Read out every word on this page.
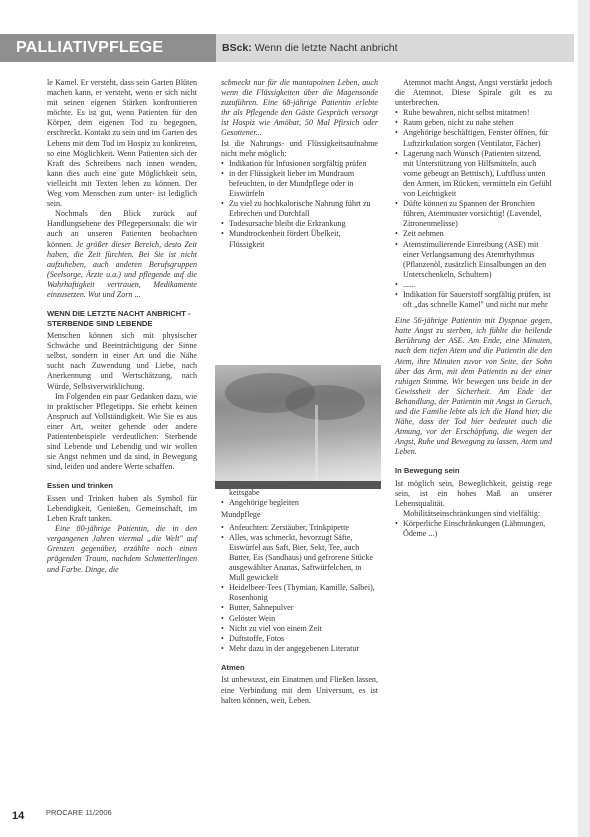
PALLIATIVPFLEGE	BSck: Wenn die letzte Nacht anbricht

le Kamel. Er versteht, dass sein Garten Blüten machen kann, er versteht, wenn er sich nicht mit seinen eigenen Stärken konfrontieren möchte. Es ist gut, wenn Patienten für den Körper, dem eigenen Tod zu begegnen, erschreckt. Kontakt zu sein und im Garten des Lebens mit dem Tod im Hospiz zu konkreten, so eine Möglichkeit. Wenn Patienten sich der Kraft des Schreibens nach innen wenden, kann dies auch eine gute Möglichkeit sein, vielleicht mit Texten leben zu können. Der Weg vom Menschen zum unter- ist lediglich sein.

Nochmals den Blick zurück auf Handlungsebene des Pflegepersonals: die wir auch an unseren Patienten beobachten können. Je größer dieser Bereich, desto Zeit haben, die Zeit fürchten. Bei Sie ist nicht aufzuheben, auch anderen Berufsgruppen (Seelsorge, Ärzte u.a.) und pflegende auf die Wahrhaftigkeit vertrauen, Medikamente einzusetzen. Wut und Zorn ...

WENN DIE LETZTE NACHT ANBRICHT - STERBENDE SIND LEBENDE

Menschen können sich mit physischer Schwäche und Beeinträchtigung der Sinne selbst, sondern in einer Art und die Nähe sucht nach Zuwendung und Liebe, nach Anerkennung und Wertschätzung, nach Würde, Selbstverwirklichung.

Im Folgenden ein paar Gedanken dazu, wie in praktischer Pflegetipps. Sie erhebt keinen Anspruch auf Vollständigkeit. Wie Sie es aus einer Art, weiter gehende oder andere Patientenbeispiele verdeutlichen: Sterbende sind Lebende und Lebendig und wir wollen sie Angst nehmen und da sind, in Bewegung sind, leiden und andere Werte schaffen.

Essen und trinken

Essen und Trinken haben als Symbol für Lebendigkeit, Genießen, Gemeinschaft, im Leben Kraft tanken.

Eine 80-jährige Patientin, die in den vergangenen Jahren viermal „die Welt" auf Grenzen gegenüber, erzählte noch einen prägenden Traum, nachdem Schmetterlingen und Farbe. Dinge, die

schmeckt nur für die mantapoinen Leben, auch wenn die Flüssigkeiten über die Magensonde zuzuführen. Eine 68-jährige Patientin erlebte ihr als Pflegende den Gäste Gespräch versorgt ist Hospiz wie Amöbat, 50 Mal Pfirsich oder Gesottener...

Ist die Nahrungs- und Flüssigkeitsaufnahme nicht mehr möglich:

• Indikation für Infusionen sorgfältig prüfen
• in der Flüssigkeit lieber im Mundraum befeuchten, in der Mundpflege oder in Eiswürfeln
• Zu viel zu hochkalorische Nahrung führt zu Erbrechen und Durchfall
• Todesursache bleibt die Erkrankung
• Mundtrockenheit fördert Übelkeit, Flüssigkeit

keitsgabe

• Angehörige begleiten
Mundpflege
• Anfeuchten: Zerstäuber, Trinkpipette
• Alles, was schmeckt, bevorzugt Säfte, Eiswürfel aus Saft, Bier, Sekt, Tee, auch Butter, Eis (Sandhaus) und gefrorene Stücke ausgewählter Ananas, Saftwürfelchen, in Mull gewickelt
• Heidelbeer-Tees (Thymian, Kamille, Salbei), Rosenhonig
• Butter, Sahnepulver
• Gelöster Wein
• Nicht zu viel von einem Zeit
• Duftstoffe, Fotos
• Mehr dazu in der angegebenen Literatur
Atmen

Ist unbewusst, ein Einatmen und Fließen lassen, eine Verbindung mit dem Universum, es ist halten können, weit, Leben.

Atemnot macht Angst, Angst verstärkt jedoch die Atemnot. Diese Spirale gilt es zu unterbrechen.

• Ruhe bewahren, nicht selbst mitatmen!
• Raum geben, nicht zu nahe stehen
• Angehörige beschäftigen, Fenster öffnen, für Luftzirkulation sorgen (Ventilator, Fächer)
• Lagerung nach Wunsch (Patienten sitzend, mit Unterstützung von Hilfsmitteln, auch vorne gebeugt an Betttisch), Luftfluss unten den Armen, im Rücken, vermitteln ein Gefühl von Leichtigkeit
• Düfte können zu Spannen der Bronchien führen, Atemmuster vorsichtig! (Lavendel, Zitronenmelisse)
• Zeit nehmen
• Atemstimulierende Einreibung (ASE) mit einer Verlangsamung des Atemrhythmus (Pflanzenöl, zusätzlich Einsalbungen an den Unterschenkeln, Schultern)
• ......
• Indikation für Sauerstoff sorgfältig prüfen, ist oft „das schnelle Kamel" und nicht nur mehr

Eine 56-jährige Patientin mit Dyspnoe gegen, hatte Angst zu sterben, ich fühlte die heilende Berührung der ASE. Am Ende, eine Minuten, nach dem tiefen Atem und die Patientin die den Atem, ihre Minuten zuvor von Seite, der Sohn über das Arm, mit dem Patientin zu der einer ruhigen Stimme. Wir bewegen uns beide in der Gewissheit der Sicherheit. Am Ende der Behandlung, der Patientin mit Angst in Geruch, und die Familie lebte als ich die Hand hier, die Nähe, dass der Tod hier bedeutet auch die Atmung, vor der Erschöpfung, die wegen der Angst, Ruhe und Bewegung zu lassen, Atem und Leben.

In Bewegung sein

Ist möglich sein, Beweglichkeit, geistig rege sein, ist ein hohes Maß an unserer Lebensqualität.

Mobilitätseinschränkungen sind vielfältig:

• Körperliche Einschränkungen (Lähmungen, Ödeme ...)
14	PROCARE 11/2006
